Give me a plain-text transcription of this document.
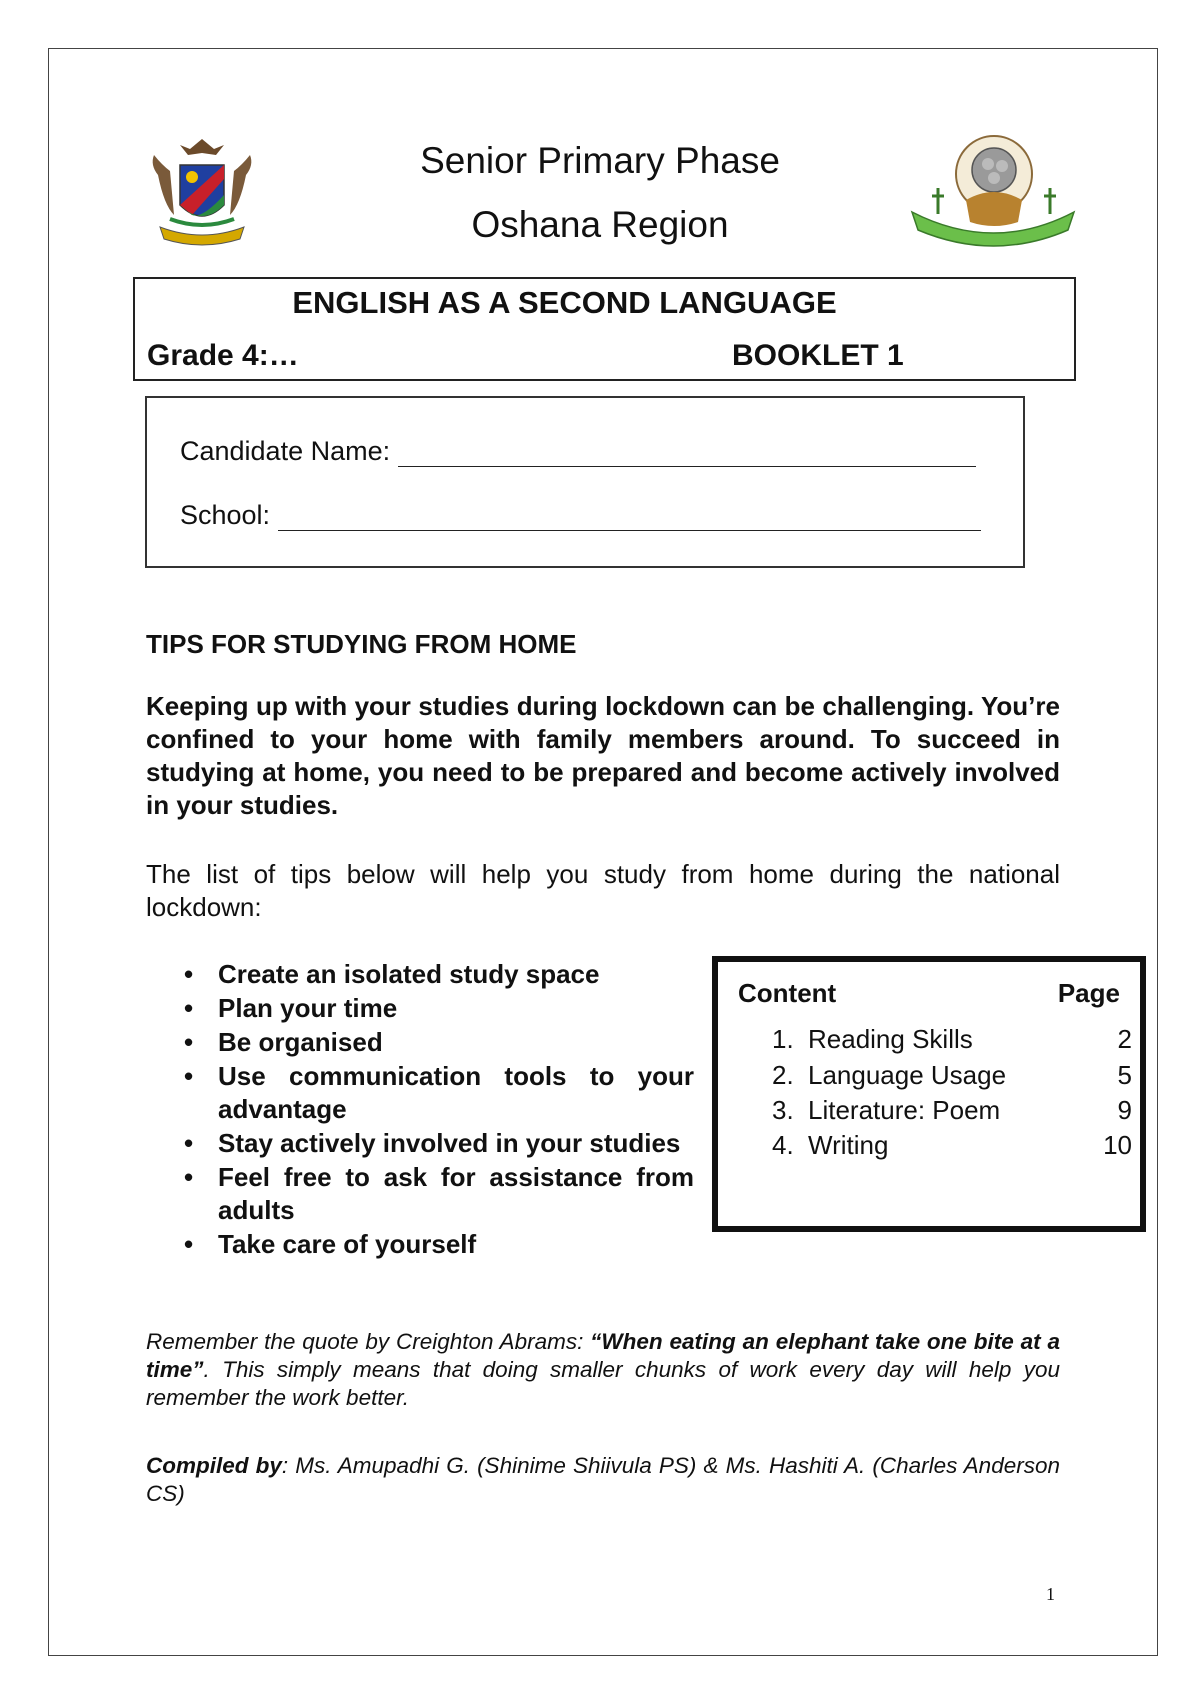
Senior Primary Phase
Oshana Region
ENGLISH AS A SECOND LANGUAGE
Grade 4:…	BOOKLET 1
Candidate Name:
School:
TIPS FOR STUDYING FROM HOME
Keeping up with your studies during lockdown can be challenging. You’re confined to your home with family members around. To succeed in studying at home, you need to be prepared and become actively involved in your studies.
The list of tips below will help you study from home during the national lockdown:
• Create an isolated study space
• Plan your time
• Be organised
• Use communication tools to your advantage
• Stay actively involved in your studies
• Feel free to ask for assistance from adults
• Take care of yourself
Content	Page
1. Reading Skills	2
2. Language Usage	5
3. Literature: Poem	9
4. Writing	10
Remember the quote by Creighton Abrams: “When eating an elephant take one bite at a time”. This simply means that doing smaller chunks of work every day will help you remember the work better.
Compiled by: Ms. Amupadhi G. (Shinime Shiivula PS) & Ms. Hashiti A. (Charles Anderson CS)
1
